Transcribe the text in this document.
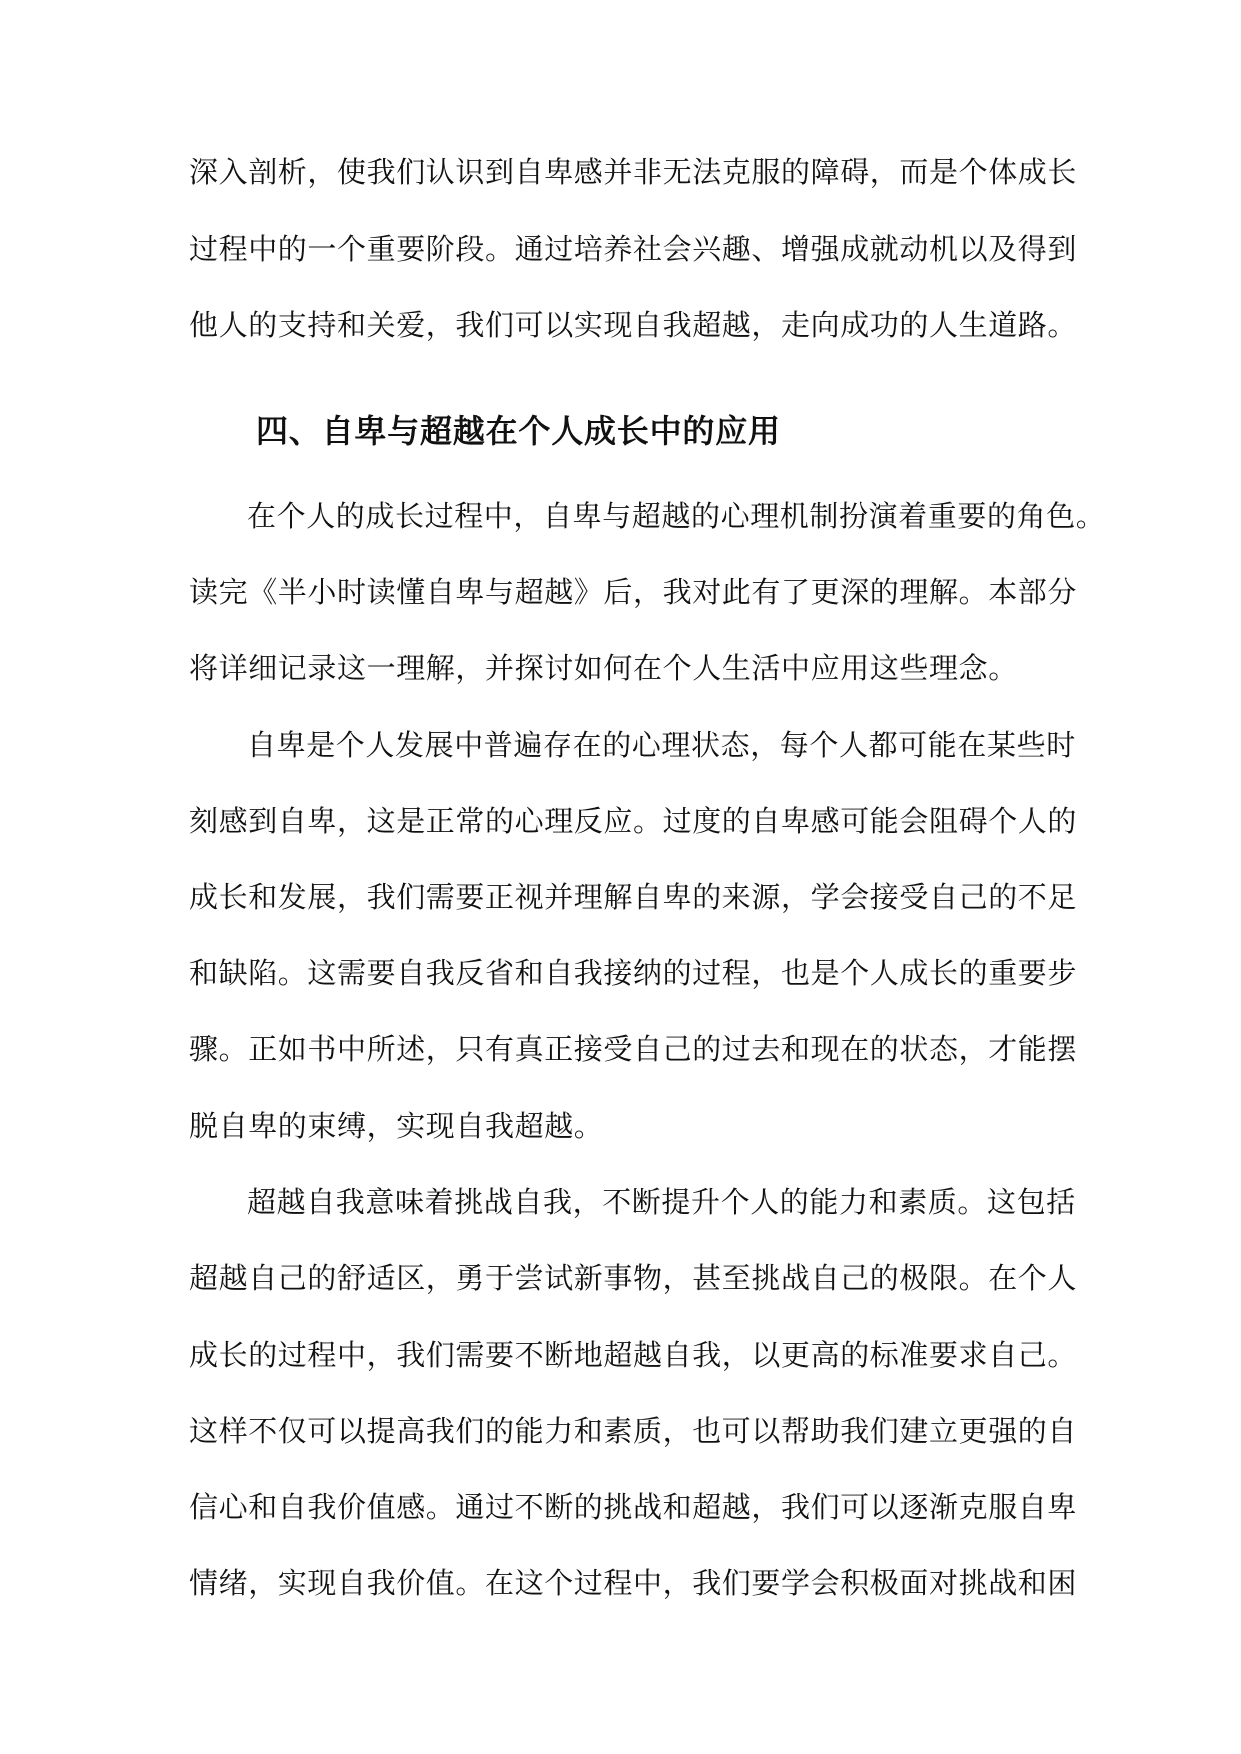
深入剖析，使我们认识到自卑感并非无法克服的障碍，而是个体成长
过程中的一个重要阶段。通过培养社会兴趣、增强成就动机以及得到
他人的支持和关爱，我们可以实现自我超越，走向成功的人生道路。
四、自卑与超越在个人成长中的应用
在个人的成长过程中，自卑与超越的心理机制扮演着重要的角色。
读完《半小时读懂自卑与超越》后，我对此有了更深的理解。本部分
将详细记录这一理解，并探讨如何在个人生活中应用这些理念。
自卑是个人发展中普遍存在的心理状态，每个人都可能在某些时
刻感到自卑，这是正常的心理反应。过度的自卑感可能会阻碍个人的
成长和发展，我们需要正视并理解自卑的来源，学会接受自己的不足
和缺陷。这需要自我反省和自我接纳的过程，也是个人成长的重要步
骤。正如书中所述，只有真正接受自己的过去和现在的状态，才能摆
脱自卑的束缚，实现自我超越。
超越自我意味着挑战自我，不断提升个人的能力和素质。这包括
超越自己的舒适区，勇于尝试新事物，甚至挑战自己的极限。在个人
成长的过程中，我们需要不断地超越自我，以更高的标准要求自己。
这样不仅可以提高我们的能力和素质，也可以帮助我们建立更强的自
信心和自我价值感。通过不断的挑战和超越，我们可以逐渐克服自卑
情绪，实现自我价值。在这个过程中，我们要学会积极面对挑战和困
